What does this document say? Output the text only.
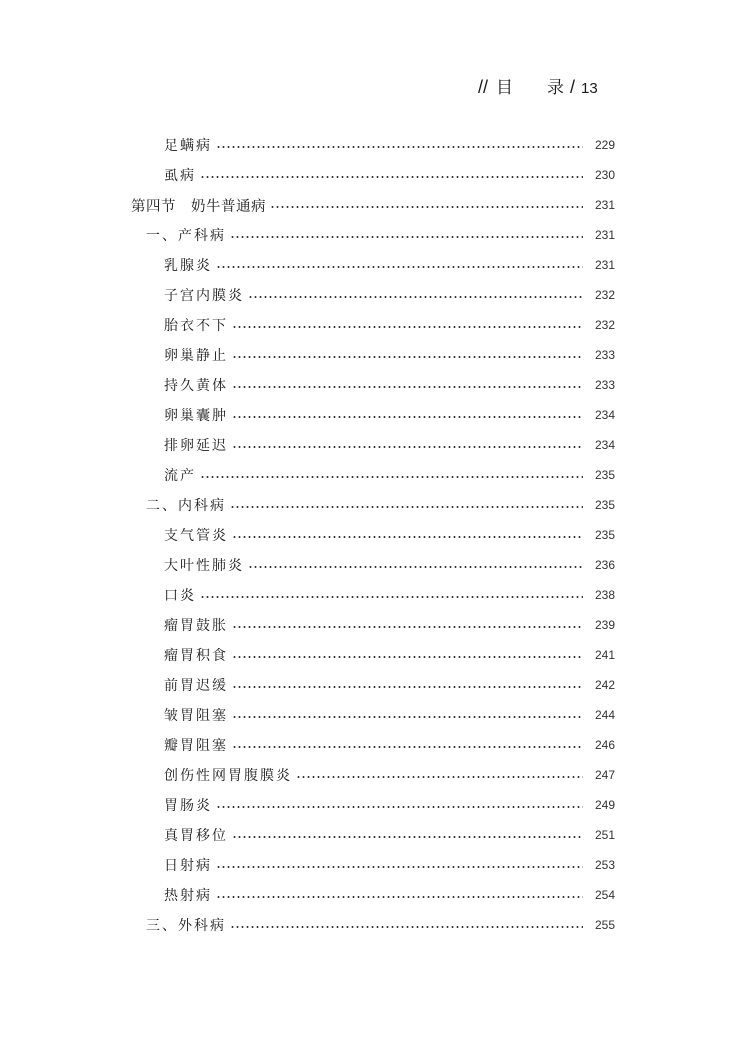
// 目 录 / 13
足螨病	229
虱病	230
第四节　奶牛普通病	231
一、产科病	231
乳腺炎	231
子宫内膜炎	232
胎衣不下	232
卵巢静止	233
持久黄体	233
卵巢囊肿	234
排卵延迟	234
流产	235
二、内科病	235
支气管炎	235
大叶性肺炎	236
口炎	238
瘤胃鼓胀	239
瘤胃积食	241
前胃迟缓	242
皱胃阻塞	244
瓣胃阻塞	246
创伤性网胃腹膜炎	247
胃肠炎	249
真胃移位	251
日射病	253
热射病	254
三、外科病	255
